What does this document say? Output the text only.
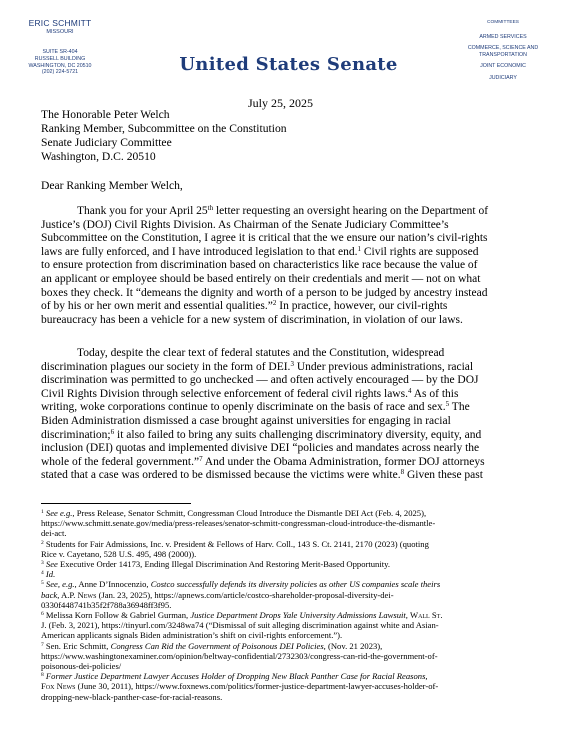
ERIC SCHMITT
MISSOURI
SUITE SR-404
RUSSELL BUILDING
WASHINGTON, DC 20510
(202) 224-5721	United States Senate
COMMITTEES
ARMED SERVICES
COMMERCE, SCIENCE AND TRANSPORTATION
JOINT ECONOMIC
JUDICIARY
July 25, 2025
The Honorable Peter Welch
Ranking Member, Subcommittee on the Constitution
Senate Judiciary Committee
Washington, D.C. 20510
Dear Ranking Member Welch,
Thank you for your April 25th letter requesting an oversight hearing on the Department of
Justice’s (DOJ) Civil Rights Division. As Chairman of the Senate Judiciary Committee’s
Subcommittee on the Constitution, I agree it is critical that the we ensure our nation’s civil-rights
laws are fully enforced, and I have introduced legislation to that end.$^1$ Civil rights are supposed
to ensure protection from discrimination based on characteristics like race because the value of
an applicant or employee should be based entirely on their credentials and merit — not on what
boxes they check. It “demeans the dignity and worth of a person to be judged by ancestry instead
of by his or her own merit and essential qualities.”$^2$ In practice, however, our civil-rights
bureaucracy has been a vehicle for a new system of discrimination, in violation of our laws.
Today, despite the clear text of federal statutes and the Constitution, widespread
discrimination plagues our society in the form of DEI.$^3$ Under previous administrations, racial
discrimination was permitted to go unchecked — and often actively encouraged — by the DOJ
Civil Rights Division through selective enforcement of federal civil rights laws.$^4$ As of this
writing, woke corporations continue to openly discriminate on the basis of race and sex.$^5$ The
Biden Administration dismissed a case brought against universities for engaging in racial
discrimination;$^6$ it also failed to bring any suits challenging discriminatory diversity, equity, and
inclusion (DEI) quotas and implemented divisive DEI “policies and mandates across nearly the
whole of the federal government.”$^7$ And under the Obama Administration, former DOJ attorneys
stated that a case was ordered to be dismissed because the victims were white.$^8$ Given these past

$^1$ See e.g., Press Release, Senator Schmitt, Congressman Cloud Introduce the Dismantle DEI Act (Feb. 4, 2025),
https://www.schmitt.senate.gov/media/press-releases/senator-schmitt-congressman-cloud-introduce-the-dismantle-
dei-act.

$^2$ Students for Fair Admissions, Inc. v. President & Fellows of Harv. Coll., 143 S. Ct. 2141, 2170 (2023) (quoting
Rice v. Cayetano, 528 U.S. 495, 498 (2000)).

$^3$ See Executive Order 14173, Ending Illegal Discrimination And Restoring Merit-Based Opportunity.

$^4$ Id.

$^5$ See, e.g., Anne D’Innocenzio, Costco successfully defends its diversity policies as other US companies scale theirs
back, A.P. News (Jan. 23, 2025), https://apnews.com/article/costco-shareholder-proposal-diversity-dei-
0330f448741b35f2f788a36948ff3f95.

$^6$ Melissa Korn Follow & Gabriel Gurman, Justice Department Drops Yale University Admissions Lawsuit, Wall St.
J. (Feb. 3, 2021), https://tinyurl.com/3248wa74 (“Dismissal of suit alleging discrimination against white and Asian-
American applicants signals Biden administration’s shift on civil-rights enforcement.”).

$^7$ Sen. Eric Schmitt, Congress Can Rid the Government of Poisonous DEI Policies, (Nov. 21 2023),
https://www.washingtonexaminer.com/opinion/beltway-confidential/2732303/congress-can-rid-the-government-of-
poisonous-dei-policies/

$^8$ Former Justice Department Lawyer Accuses Holder of Dropping New Black Panther Case for Racial Reasons,
Fox News (June 30, 2011), https://www.foxnews.com/politics/former-justice-department-lawyer-accuses-holder-of-
dropping-new-black-panther-case-for-racial-reasons.
